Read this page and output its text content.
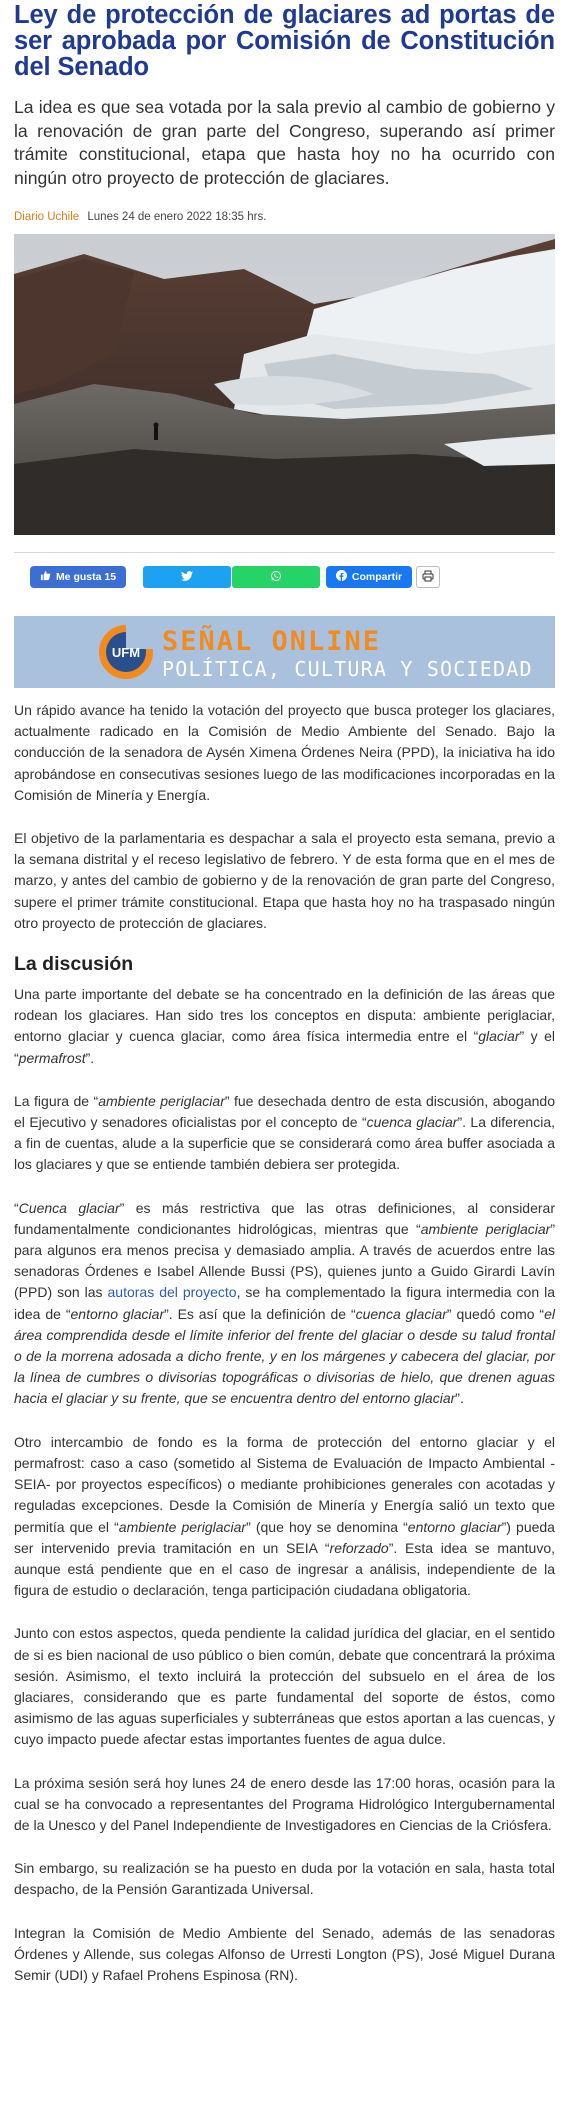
Ley de protección de glaciares ad portas de ser aprobada por Comisión de Constitución del Senado

La idea es que sea votada por la sala previo al cambio de gobierno y la renovación de gran parte del Congreso, superando así primer trámite constitucional, etapa que hasta hoy no ha ocurrido con ningún otro proyecto de protección de glaciares.

Diario Uchile Lunes 24 de enero 2022 18:35 hrs.
Me gusta 15	Compartir
UFM SEÑAL ONLINE
POLÍTICA, CULTURA Y SOCIEDAD

Un rápido avance ha tenido la votación del proyecto que busca proteger los glaciares, actualmente radicado en la Comisión de Medio Ambiente del Senado. Bajo la conducción de la senadora de Aysén Ximena Órdenes Neira (PPD), la iniciativa ha ido aprobándose en consecutivas sesiones luego de las modificaciones incorporadas en la Comisión de Minería y Energía.

El objetivo de la parlamentaria es despachar a sala el proyecto esta semana, previo a la semana distrital y el receso legislativo de febrero. Y de esta forma que en el mes de marzo, y antes del cambio de gobierno y de la renovación de gran parte del Congreso, supere el primer trámite constitucional. Etapa que hasta hoy no ha traspasado ningún otro proyecto de protección de glaciares.

La discusión

Una parte importante del debate se ha concentrado en la definición de las áreas que rodean los glaciares. Han sido tres los conceptos en disputa: ambiente periglaciar, entorno glaciar y cuenca glaciar, como área física intermedia entre el “glaciar” y el “permafrost”.

La figura de “ambiente periglaciar” fue desechada dentro de esta discusión, abogando el Ejecutivo y senadores oficialistas por el concepto de “cuenca glaciar”. La diferencia, a fin de cuentas, alude a la superficie que se considerará como área buffer asociada a los glaciares y que se entiende también debiera ser protegida.

“Cuenca glaciar” es más restrictiva que las otras definiciones, al considerar fundamentalmente condicionantes hidrológicas, mientras que “ambiente periglaciar” para algunos era menos precisa y demasiado amplia. A través de acuerdos entre las senadoras Órdenes e Isabel Allende Bussi (PS), quienes junto a Guido Girardi Lavín (PPD) son las autoras del proyecto, se ha complementado la figura intermedia con la idea de “entorno glaciar”. Es así que la definición de “cuenca glaciar” quedó como “el área comprendida desde el límite inferior del frente del glaciar o desde su talud frontal o de la morrena adosada a dicho frente, y en los márgenes y cabecera del glaciar, por la línea de cumbres o divisorias topográficas o divisorias de hielo, que drenen aguas hacia el glaciar y su frente, que se encuentra dentro del entorno glaciar”.

Otro intercambio de fondo es la forma de protección del entorno glaciar y el permafrost: caso a caso (sometido al Sistema de Evaluación de Impacto Ambiental -SEIA- por proyectos específicos) o mediante prohibiciones generales con acotadas y reguladas excepciones. Desde la Comisión de Minería y Energía salió un texto que permitía que el “ambiente periglaciar” (que hoy se denomina “entorno glaciar”) pueda ser intervenido previa tramitación en un SEIA “reforzado”. Esta idea se mantuvo, aunque está pendiente que en el caso de ingresar a análisis, independiente de la figura de estudio o declaración, tenga participación ciudadana obligatoria.

Junto con estos aspectos, queda pendiente la calidad jurídica del glaciar, en el sentido de si es bien nacional de uso público o bien común, debate que concentrará la próxima sesión. Asimismo, el texto incluirá la protección del subsuelo en el área de los glaciares, considerando que es parte fundamental del soporte de éstos, como asimismo de las aguas superficiales y subterráneas que estos aportan a las cuencas, y cuyo impacto puede afectar estas importantes fuentes de agua dulce.

La próxima sesión será hoy lunes 24 de enero desde las 17:00 horas, ocasión para la cual se ha convocado a representantes del Programa Hidrológico Intergubernamental de la Unesco y del Panel Independiente de Investigadores en Ciencias de la Criósfera.

Sin embargo, su realización se ha puesto en duda por la votación en sala, hasta total despacho, de la Pensión Garantizada Universal.

Integran la Comisión de Medio Ambiente del Senado, además de las senadoras Órdenes y Allende, sus colegas Alfonso de Urresti Longton (PS), José Miguel Durana Semir (UDI) y Rafael Prohens Espinosa (RN).
